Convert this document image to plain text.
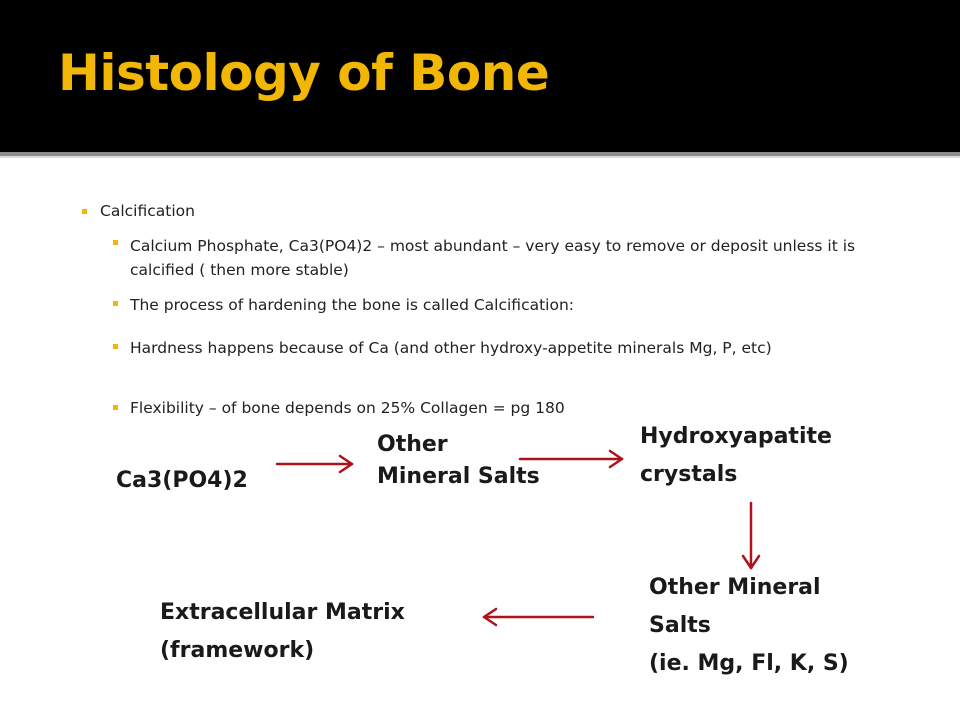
Histology of Bone
Calcification
Calcium Phosphate, Ca3(PO4)2 – most abundant – very easy to remove or deposit unless it is calcified ( then more stable)
The process of hardening the bone is called Calcification:
Hardness happens because of Ca (and other hydroxy-appetite minerals Mg, P, etc)
Flexibility – of bone depends on 25% Collagen = pg 180
Ca3(PO4)2
Other
Mineral Salts
Hydroxyapatite
crystals
Other Mineral
Salts
(ie. Mg, Fl, K, S)
Extracellular Matrix
(framework)
